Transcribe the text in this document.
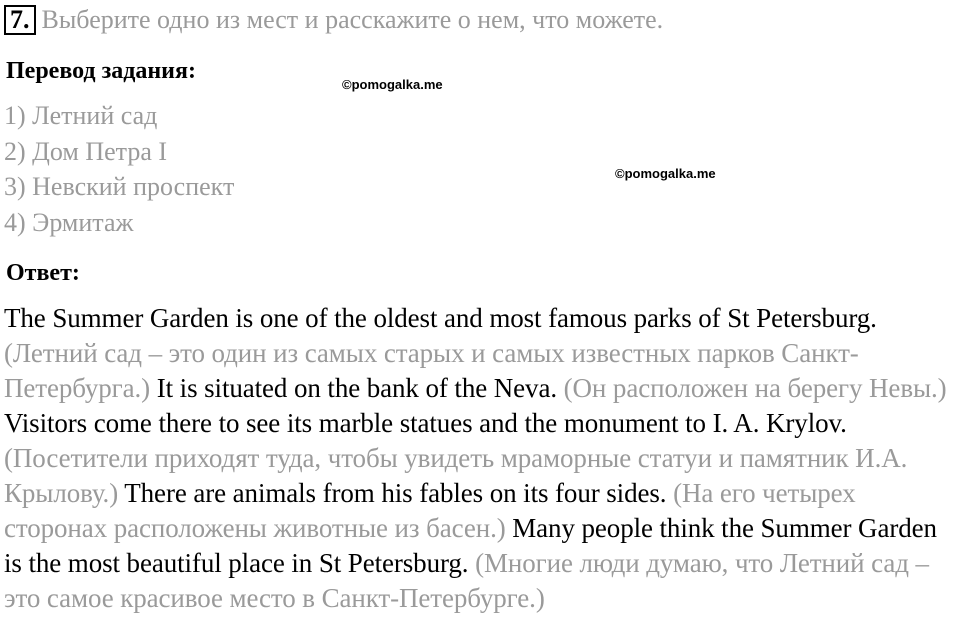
7. Выберите одно из мест и расскажите о нем, что можете.
Перевод задания:
©pomogalka.me
©pomogalka.me
1) Летний сад
2) Дом Петра I
3) Невский проспект
4) Эрмитаж
Ответ:
The Summer Garden is one of the oldest and most famous parks of St Petersburg. (Летний сад – это один из самых старых и самых известных парков Санкт-Петербурга.) It is situated on the bank of the Neva. (Он расположен на берегу Невы.) Visitors come there to see its marble statues and the monument to I. A. Krylov. (Посетители приходят туда, чтобы увидеть мраморные статуи и памятник И.А. Крылову.) There are animals from his fables on its four sides. (На его четырех сторонах расположены животные из басен.) Many people think the Summer Garden is the most beautiful place in St Petersburg. (Многие люди думаю, что Летний сад – это самое красивое место в Санкт-Петербурге.)
